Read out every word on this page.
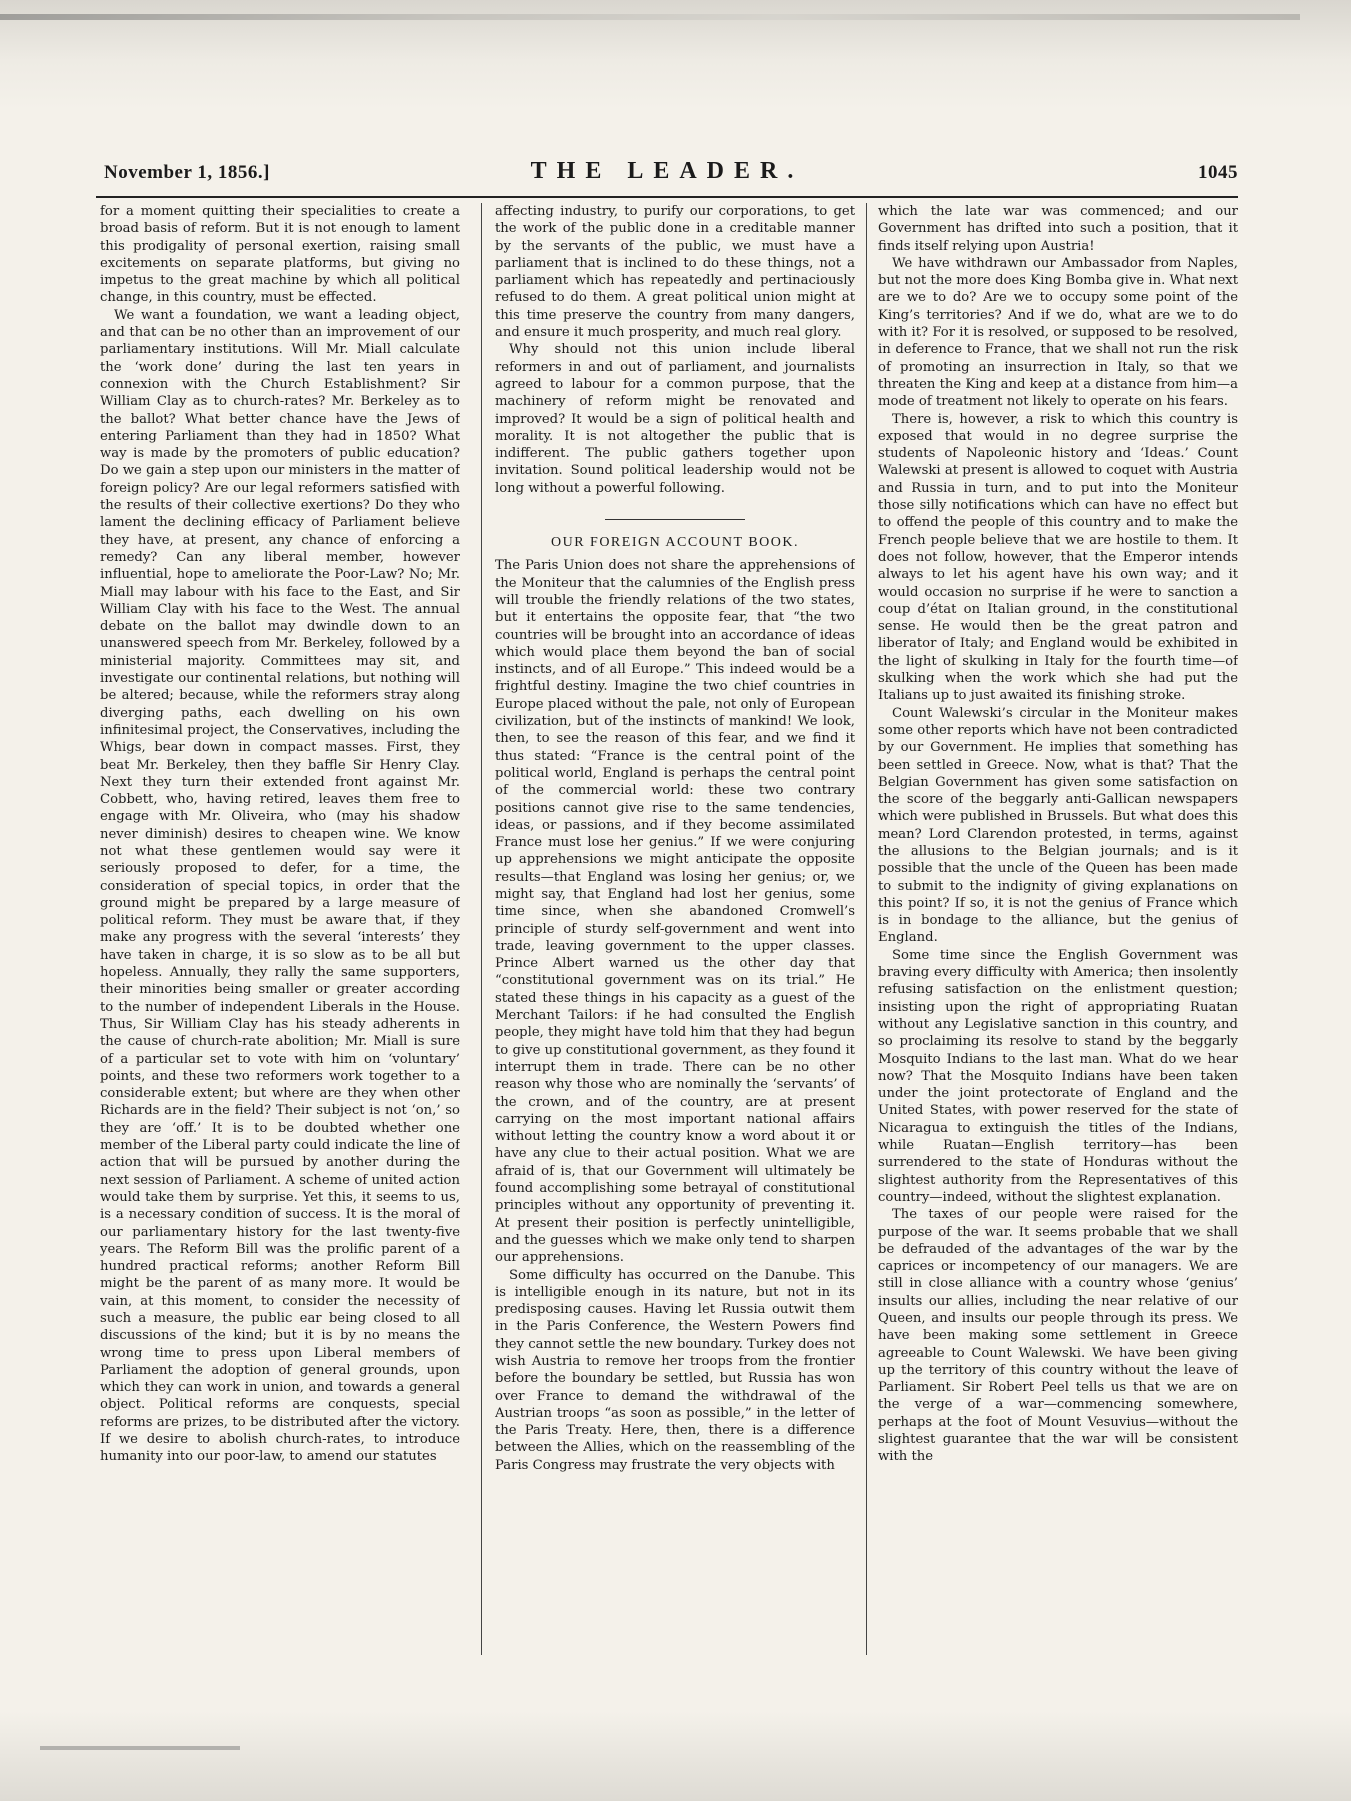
November 1, 1856.]	THE LEADER.	1045

for a moment quitting their specialities to create a broad basis of reform. But it is not enough to lament this prodigality of personal exertion, raising small excitements on separate platforms, but giving no impetus to the great machine by which all political change, in this country, must be effected.

We want a foundation, we want a leading object, and that can be no other than an improvement of our parliamentary institutions. Will Mr. Miall calculate the ‘work done’ during the last ten years in connexion with the Church Establishment? Sir William Clay as to church-rates? Mr. Berkeley as to the ballot? What better chance have the Jews of entering Parliament than they had in 1850? What way is made by the promoters of public education? Do we gain a step upon our ministers in the matter of foreign policy? Are our legal reformers satisfied with the results of their collective exertions? Do they who lament the declining efficacy of Parliament believe they have, at present, any chance of enforcing a remedy? Can any liberal member, however influential, hope to ameliorate the Poor-Law? No; Mr. Miall may labour with his face to the East, and Sir William Clay with his face to the West. The annual debate on the ballot may dwindle down to an unanswered speech from Mr. Berkeley, followed by a ministerial majority. Committees may sit, and investigate our continental relations, but nothing will be altered; because, while the reformers stray along diverging paths, each dwelling on his own infinitesimal project, the Conservatives, including the Whigs, bear down in compact masses. First, they beat Mr. Berkeley, then they baffle Sir Henry Clay. Next they turn their extended front against Mr. Cobbett, who, having retired, leaves them free to engage with Mr. Oliveira, who (may his shadow never diminish) desires to cheapen wine. We know not what these gentlemen would say were it seriously proposed to defer, for a time, the consideration of special topics, in order that the ground might be prepared by a large measure of political reform. They must be aware that, if they make any progress with the several ‘interests’ they have taken in charge, it is so slow as to be all but hopeless. Annually, they rally the same supporters, their minorities being smaller or greater according to the number of independent Liberals in the House. Thus, Sir William Clay has his steady adherents in the cause of church-rate abolition; Mr. Miall is sure of a particular set to vote with him on ‘voluntary’ points, and these two reformers work together to a considerable extent; but where are they when other Richards are in the field? Their subject is not ‘on,’ so they are ‘off.’ It is to be doubted whether one member of the Liberal party could indicate the line of action that will be pursued by another during the next session of Parliament. A scheme of united action would take them by surprise. Yet this, it seems to us, is a necessary condition of success. It is the moral of our parliamentary history for the last twenty-five years. The Reform Bill was the prolific parent of a hundred practical reforms; another Reform Bill might be the parent of as many more. It would be vain, at this moment, to consider the necessity of such a measure, the public ear being closed to all discussions of the kind; but it is by no means the wrong time to press upon Liberal members of Parliament the adoption of general grounds, upon which they can work in union, and towards a general object. Political reforms are conquests, special reforms are prizes, to be distributed after the victory. If we desire to abolish church-rates, to introduce humanity into our poor-law, to amend our statutes

affecting industry, to purify our corporations, to get the work of the public done in a creditable manner by the servants of the public, we must have a parliament that is inclined to do these things, not a parliament which has repeatedly and pertinaciously refused to do them. A great political union might at this time preserve the country from many dangers, and ensure it much prosperity, and much real glory.

Why should not this union include liberal reformers in and out of parliament, and journalists agreed to labour for a common purpose, that the machinery of reform might be renovated and improved? It would be a sign of political health and morality. It is not altogether the public that is indifferent. The public gathers together upon invitation. Sound political leadership would not be long without a powerful following.

OUR FOREIGN ACCOUNT BOOK.

The Paris Union does not share the apprehensions of the Moniteur that the calumnies of the English press will trouble the friendly relations of the two states, but it entertains the opposite fear, that “the two countries will be brought into an accordance of ideas which would place them beyond the ban of social instincts, and of all Europe.” This indeed would be a frightful destiny. Imagine the two chief countries in Europe placed without the pale, not only of European civilization, but of the instincts of mankind! We look, then, to see the reason of this fear, and we find it thus stated: “France is the central point of the political world, England is perhaps the central point of the commercial world: these two contrary positions cannot give rise to the same tendencies, ideas, or passions, and if they become assimilated France must lose her genius.” If we were conjuring up apprehensions we might anticipate the opposite results—that England was losing her genius; or, we might say, that England had lost her genius, some time since, when she abandoned Cromwell’s principle of sturdy self-government and went into trade, leaving government to the upper classes. Prince Albert warned us the other day that “constitutional government was on its trial.” He stated these things in his capacity as a guest of the Merchant Tailors: if he had consulted the English people, they might have told him that they had begun to give up constitutional government, as they found it interrupt them in trade. There can be no other reason why those who are nominally the ‘servants’ of the crown, and of the country, are at present carrying on the most important national affairs without letting the country know a word about it or have any clue to their actual position. What we are afraid of is, that our Government will ultimately be found accomplishing some betrayal of constitutional principles without any opportunity of preventing it. At present their position is perfectly unintelligible, and the guesses which we make only tend to sharpen our apprehensions.

Some difficulty has occurred on the Danube. This is intelligible enough in its nature, but not in its predisposing causes. Having let Russia outwit them in the Paris Conference, the Western Powers find they cannot settle the new boundary. Turkey does not wish Austria to remove her troops from the frontier before the boundary be settled, but Russia has won over France to demand the withdrawal of the Austrian troops “as soon as possible,” in the letter of the Paris Treaty. Here, then, there is a difference between the Allies, which on the reassembling of the Paris Congress may frustrate the very objects with

which the late war was commenced; and our Government has drifted into such a position, that it finds itself relying upon Austria!

We have withdrawn our Ambassador from Naples, but not the more does King Bomba give in. What next are we to do? Are we to occupy some point of the King’s territories? And if we do, what are we to do with it? For it is resolved, or supposed to be resolved, in deference to France, that we shall not run the risk of promoting an insurrection in Italy, so that we threaten the King and keep at a distance from him—a mode of treatment not likely to operate on his fears.

There is, however, a risk to which this country is exposed that would in no degree surprise the students of Napoleonic history and ‘Ideas.’ Count Walewski at present is allowed to coquet with Austria and Russia in turn, and to put into the Moniteur those silly notifications which can have no effect but to offend the people of this country and to make the French people believe that we are hostile to them. It does not follow, however, that the Emperor intends always to let his agent have his own way; and it would occasion no surprise if he were to sanction a coup d’état on Italian ground, in the constitutional sense. He would then be the great patron and liberator of Italy; and England would be exhibited in the light of skulking in Italy for the fourth time—of skulking when the work which she had put the Italians up to just awaited its finishing stroke.

Count Walewski’s circular in the Moniteur makes some other reports which have not been contradicted by our Government. He implies that something has been settled in Greece. Now, what is that? That the Belgian Government has given some satisfaction on the score of the beggarly anti-Gallican newspapers which were published in Brussels. But what does this mean? Lord Clarendon protested, in terms, against the allusions to the Belgian journals; and is it possible that the uncle of the Queen has been made to submit to the indignity of giving explanations on this point? If so, it is not the genius of France which is in bondage to the alliance, but the genius of England.

Some time since the English Government was braving every difficulty with America; then insolently refusing satisfaction on the enlistment question; insisting upon the right of appropriating Ruatan without any Legislative sanction in this country, and so proclaiming its resolve to stand by the beggarly Mosquito Indians to the last man. What do we hear now? That the Mosquito Indians have been taken under the joint protectorate of England and the United States, with power reserved for the state of Nicaragua to extinguish the titles of the Indians, while Ruatan—English territory—has been surrendered to the state of Honduras without the slightest authority from the Representatives of this country—indeed, without the slightest explanation.

The taxes of our people were raised for the purpose of the war. It seems probable that we shall be defrauded of the advantages of the war by the caprices or incompetency of our managers. We are still in close alliance with a country whose ‘genius’ insults our allies, including the near relative of our Queen, and insults our people through its press. We have been making some settlement in Greece agreeable to Count Walewski. We have been giving up the territory of this country without the leave of Parliament. Sir Robert Peel tells us that we are on the verge of a war—commencing somewhere, perhaps at the foot of Mount Vesuvius—without the slightest guarantee that the war will be consistent with the
